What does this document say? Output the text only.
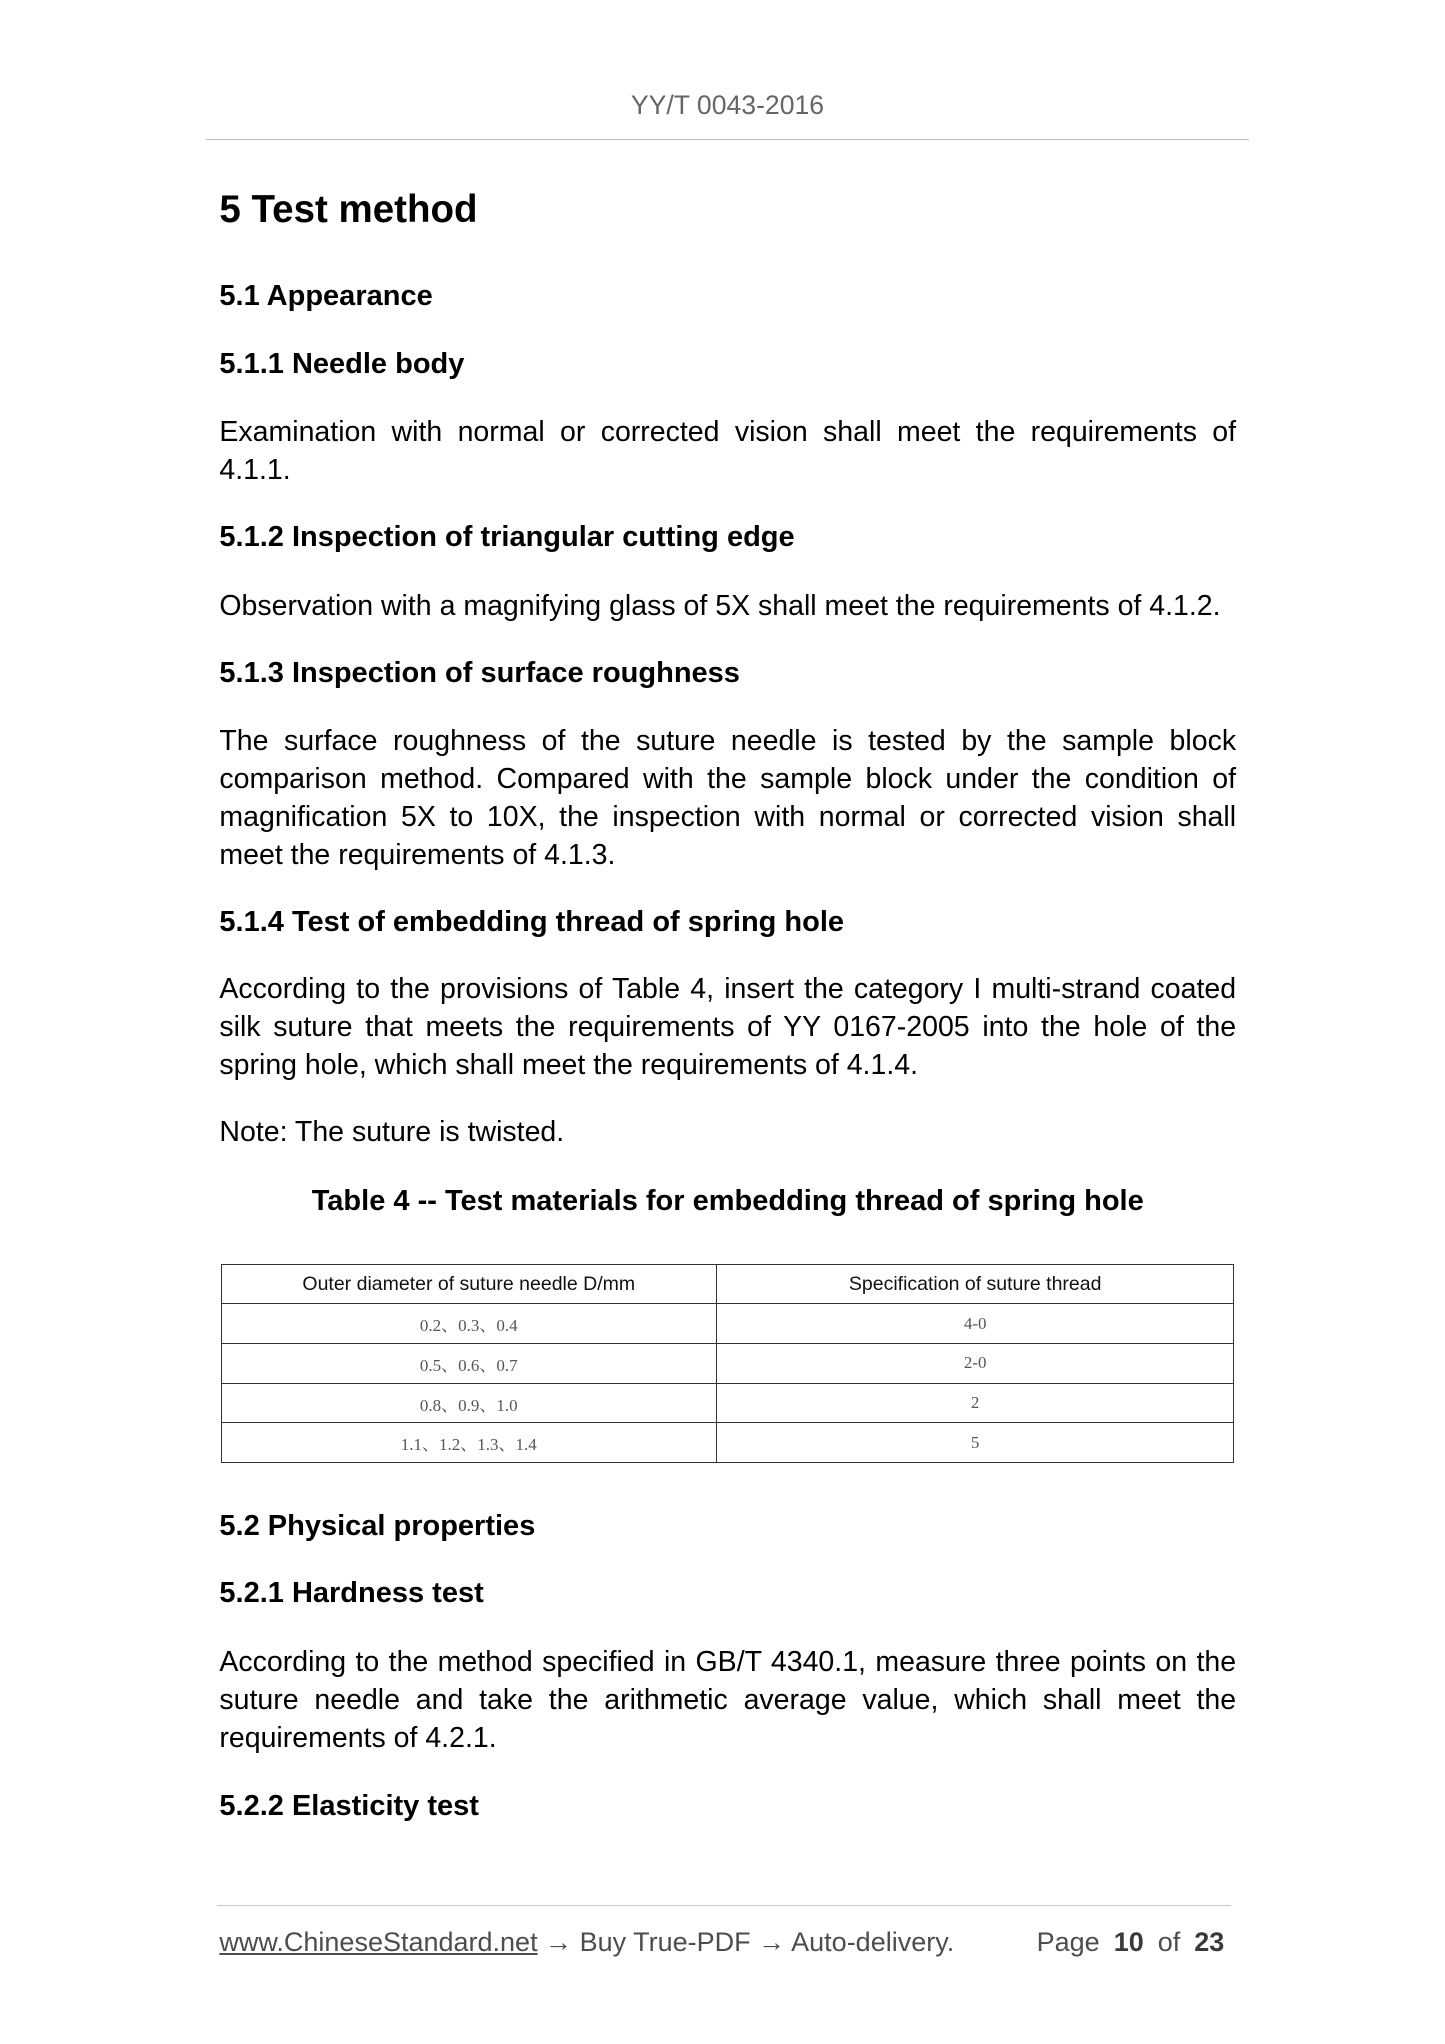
YY/T 0043-2016
5 Test method
5.1 Appearance
5.1.1 Needle body
Examination with normal or corrected vision shall meet the requirements of
4.1.1.
5.1.2 Inspection of triangular cutting edge
Observation with a magnifying glass of 5X shall meet the requirements of 4.1.2.
5.1.3 Inspection of surface roughness
The surface roughness of the suture needle is tested by the sample block
comparison method. Compared with the sample block under the condition of
magnification 5X to 10X, the inspection with normal or corrected vision shall
meet the requirements of 4.1.3.
5.1.4 Test of embedding thread of spring hole
According to the provisions of Table 4, insert the category I multi-strand coated
silk suture that meets the requirements of YY 0167-2005 into the hole of the
spring hole, which shall meet the requirements of 4.1.4.
Note: The suture is twisted.
Table 4 -- Test materials for embedding thread of spring hole
Outer diameter of suture needle D/mm	Specification of suture thread
0.2、0.3、0.4	4-0
0.5、0.6、0.7	2-0
0.8、0.9、1.0	2
1.1、1.2、1.3、1.4	5
5.2 Physical properties
5.2.1 Hardness test
According to the method specified in GB/T 4340.1, measure three points on the
suture needle and take the arithmetic average value, which shall meet the
requirements of 4.2.1.
5.2.2 Elasticity test
www.ChineseStandard.net → Buy True-PDF → Auto-delivery.	Page 10 of 23
